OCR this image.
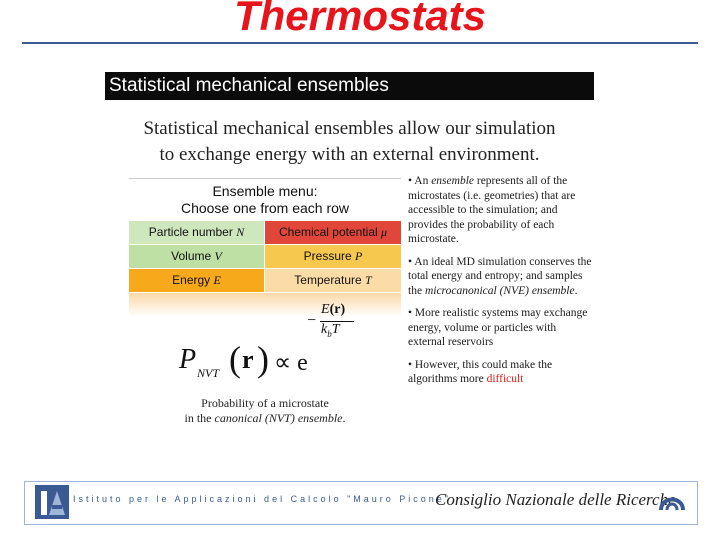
Thermostats
Statistical mechanical ensembles
Statistical mechanical ensembles allow our simulation
to exchange energy with an external environment.
Ensemble menu:
Choose one from each row
Particle number N	Chemical potential μ
Volume V	Pressure P
Energy E	Temperature T
P NVT ( r ) ∝ e
−
E(r)
$k_bT$
Probability of a microstate
in the canonical (NVT) ensemble.

• An ensemble represents all of the microstates (i.e. geometries) that are accessible to the simulation; and provides the probability of each microstate.

• An ideal MD simulation conserves the total energy and entropy; and samples the microcanonical (NVE) ensemble.

• More realistic systems may exchange energy, volume or particles with external reservoirs

• However, this could make the algorithms more difficult

Istituto per le Applicazioni del Calcolo "Mauro Picone"
Consiglio Nazionale delle Ricerche
